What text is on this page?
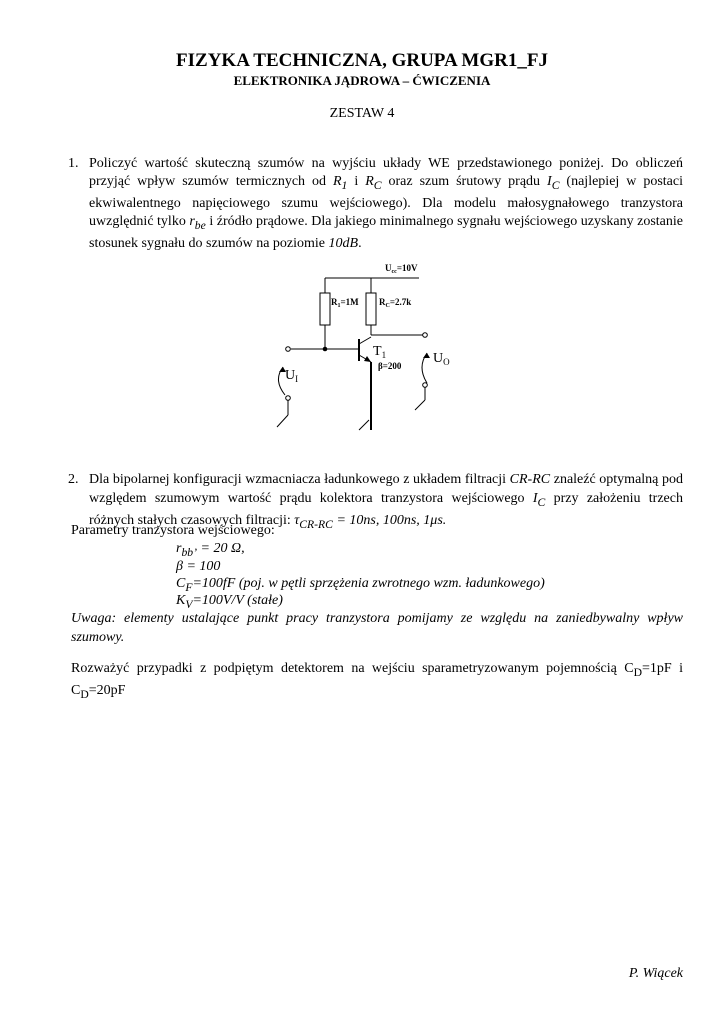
FIZYKA TECHNICZNA, GRUPA MGR1_FJ
ELEKTRONIKA JĄDROWA – ĆWICZENIA
ZESTAW 4
1. Policzyć wartość skuteczną szumów na wyjściu układy WE przedstawionego poniżej. Do obliczeń przyjąć wpływ szumów termicznych od $R_1$ i $R_C$ oraz szum śrutowy prądu $I_C$ (najlepiej w postaci ekwiwalentnego napięciowego szumu wejściowego). Dla modelu małosygnałowego tranzystora uwzględnić tylko $r_{be}$ i źródło prądowe. Dla jakiego minimalnego sygnału wejściowego uzyskany zostanie stosunek sygnału do szumów na poziomie 10dB.
$U_{cc}=10V$
$R_1=1M$ $R_C=2.7k$
β=200
$T_1$
$U_I$
$U_O$
2. Dla bipolarnej konfiguracji wzmacniacza ładunkowego z układem filtracji CR-RC znaleźć optymalną pod względem szumowym wartość prądu kolektora tranzystora wejściowego $I_C$ przy założeniu trzech różnych stałych czasowych filtracji: $\tau_{CR-RC} = 10ns$, 100ns, 1μs.
Parametry tranzystora wejściowego:
$r_{bb’} = 20$ Ω,
β = 100
$C_F=100fF$ (poj. w pętli sprzężenia zwrotnego wzm. ładunkowego)
$K_V=100V/V$ (stałe)
Uwaga: elementy ustalające punkt pracy tranzystora pomijamy ze względu na zaniedbywalny wpływ szumowy.
Rozważyć przypadki z podpiętym detektorem na wejściu sparametryzowanym pojemnością $C_D=1pF$ i $C_D=20pF$
P. Wiącek
